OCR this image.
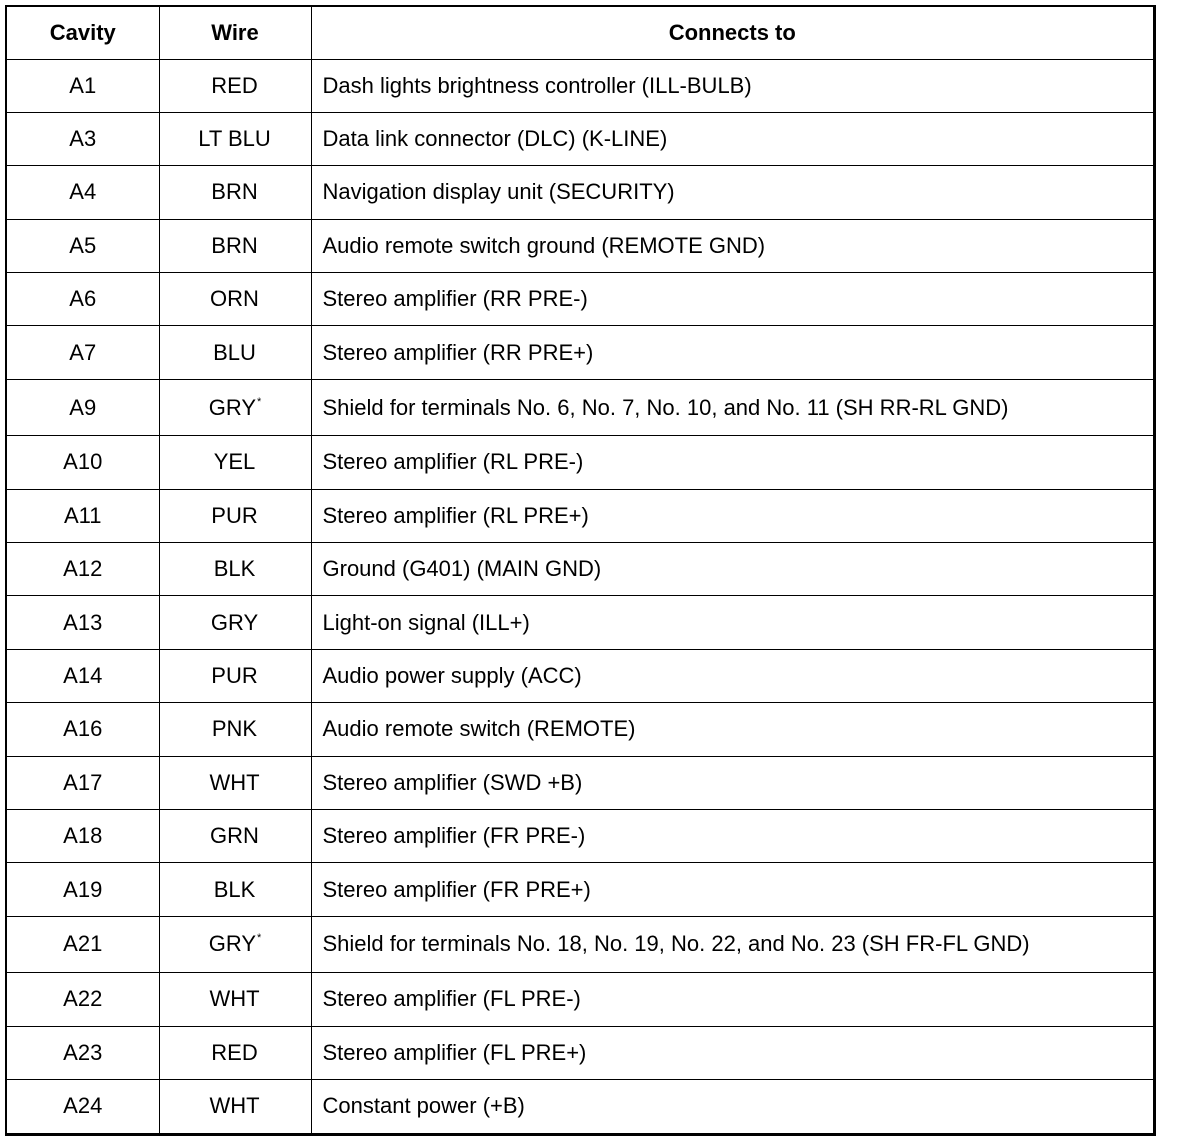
Cavity	Wire	Connects to
A1	RED	Dash lights brightness controller (ILL-BULB)
A3	LT BLU	Data link connector (DLC) (K-LINE)
A4	BRN	Navigation display unit (SECURITY)
A5	BRN	Audio remote switch ground (REMOTE GND)
A6	ORN	Stereo amplifier (RR PRE-)
A7	BLU	Stereo amplifier (RR PRE+)
A9	GRY*	Shield for terminals No. 6, No. 7, No. 10, and No. 11 (SH RR-RL GND)
A10	YEL	Stereo amplifier (RL PRE-)
A11	PUR	Stereo amplifier (RL PRE+)
A12	BLK	Ground (G401) (MAIN GND)
A13	GRY	Light-on signal (ILL+)
A14	PUR	Audio power supply (ACC)
A16	PNK	Audio remote switch (REMOTE)
A17	WHT	Stereo amplifier (SWD +B)
A18	GRN	Stereo amplifier (FR PRE-)
A19	BLK	Stereo amplifier (FR PRE+)
A21	GRY*	Shield for terminals No. 18, No. 19, No. 22, and No. 23 (SH FR-FL GND)
A22	WHT	Stereo amplifier (FL PRE-)
A23	RED	Stereo amplifier (FL PRE+)
A24	WHT	Constant power (+B)
